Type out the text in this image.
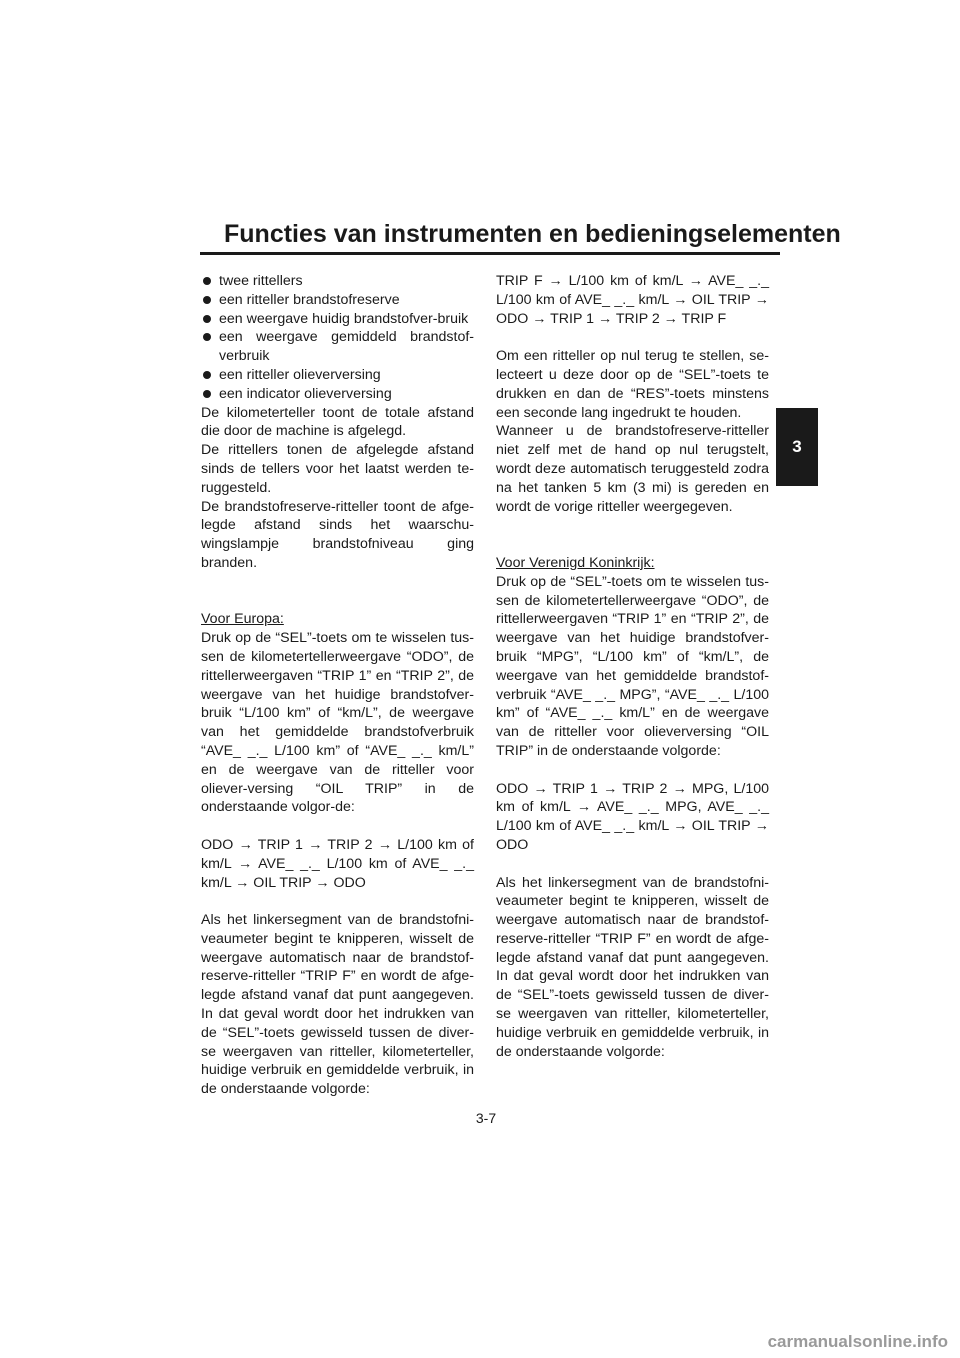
Functies van instrumenten en bedieningselementen
3
twee rittellers
een ritteller brandstofreserve
een weergave huidig brandstofver-bruik
een weergave gemiddeld brandstof-verbruik
een ritteller olieverversing
een indicator olieverversing

De kilometerteller toont de totale afstand die door de machine is afgelegd.

De rittellers tonen de afgelegde afstand sinds de tellers voor het laatst werden te-ruggesteld.

De brandstofreserve-ritteller toont de afge-legde afstand sinds het waarschu-wingslampje brandstofniveau ging branden.

Voor Europa:

Druk op de “SEL”-toets om te wisselen tus-sen de kilometertellerweergave “ODO”, de rittellerweergaven “TRIP 1” en “TRIP 2”, de weergave van het huidige brandstofver-bruik “L/100 km” of “km/L”, de weergave van het gemiddelde brandstofverbruik “AVE_ _._ L/100 km” of “AVE_ _._ km/L” en de weergave van de ritteller voor oliever-versing “OIL TRIP” in de onderstaande volgor-de:

ODO → TRIP 1 → TRIP 2 → L/100 km of km/L → AVE_ _._ L/100 km of AVE_ _._ km/L → OIL TRIP → ODO

Als het linkersegment van de brandstofni-veaumeter begint te knipperen, wisselt de weergave automatisch naar de brandstof-reserve-ritteller “TRIP F” en wordt de afge-legde afstand vanaf dat punt aangegeven. In dat geval wordt door het indrukken van de “SEL”-toets gewisseld tussen de diver-se weergaven van ritteller, kilometerteller, huidige verbruik en gemiddelde verbruik, in de onderstaande volgorde:

TRIP F → L/100 km of km/L → AVE_ _._ L/100 km of AVE_ _._ km/L → OIL TRIP → ODO → TRIP 1 → TRIP 2 → TRIP F

Om een ritteller op nul terug te stellen, se-lecteert u deze door op de “SEL”-toets te drukken en dan de “RES”-toets minstens een seconde lang ingedrukt te houden.

Wanneer u de brandstofreserve-ritteller niet zelf met de hand op nul terugstelt, wordt deze automatisch teruggesteld zodra na het tanken 5 km (3 mi) is gereden en wordt de vorige ritteller weergegeven.

Voor Verenigd Koninkrijk:

Druk op de “SEL”-toets om te wisselen tus-sen de kilometertellerweergave “ODO”, de rittellerweergaven “TRIP 1” en “TRIP 2”, de weergave van het huidige brandstofver-bruik “MPG”, “L/100 km” of “km/L”, de weergave van het gemiddelde brandstof-verbruik “AVE_ _._ MPG”, “AVE_ _._ L/100 km” of “AVE_ _._ km/L” en de weergave van de ritteller voor olieverversing “OIL TRIP” in de onderstaande volgorde:

ODO → TRIP 1 → TRIP 2 → MPG, L/100 km of km/L → AVE_ _._ MPG, AVE_ _._ L/100 km of AVE_ _._ km/L → OIL TRIP → ODO

Als het linkersegment van de brandstofni-veaumeter begint te knipperen, wisselt de weergave automatisch naar de brandstof-reserve-ritteller “TRIP F” en wordt de afge-legde afstand vanaf dat punt aangegeven. In dat geval wordt door het indrukken van de “SEL”-toets gewisseld tussen de diver-se weergaven van ritteller, kilometerteller, huidige verbruik en gemiddelde verbruik, in de onderstaande volgorde:

3-7
carmanualsonline.info
